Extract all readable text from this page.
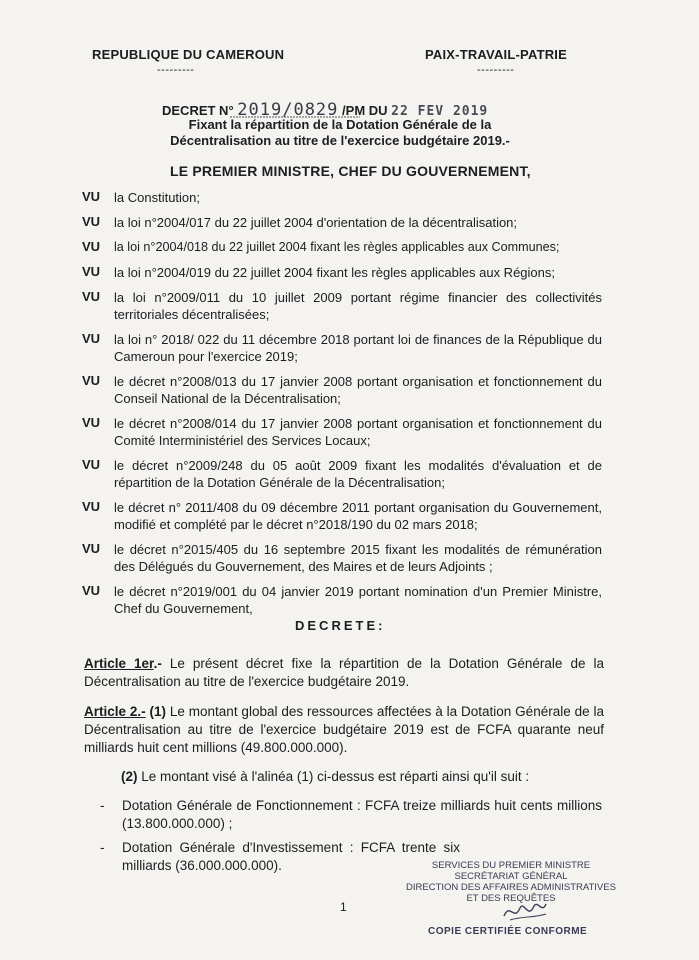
REPUBLIQUE DU CAMEROUN
---------
PAIX-TRAVAIL-PATRIE
---------
DECRET N° 2019/0829 /PM DU 22 FEV 2019
Fixant la répartition de la Dotation Générale de la
Décentralisation au titre de l'exercice budgétaire 2019.-
LE PREMIER MINISTRE, CHEF DU GOUVERNEMENT,
VU	la Constitution;
VU	la loi n°2004/017 du 22 juillet 2004 d'orientation de la décentralisation;
VU	la loi n°2004/018 du 22 juillet 2004 fixant les règles applicables aux Communes;
VU	la loi n°2004/019 du 22 juillet 2004 fixant les règles applicables aux Régions;
VU	la loi n°2009/011 du 10 juillet 2009 portant régime financier des collectivités territoriales décentralisées;
VU	la loi n° 2018/ 022 du 11 décembre 2018 portant loi de finances de la République du Cameroun pour l'exercice 2019;
VU	le décret n°2008/013 du 17 janvier 2008 portant organisation et fonctionnement du Conseil National de la Décentralisation;
VU	le décret n°2008/014 du 17 janvier 2008 portant organisation et fonctionnement du Comité Interministériel des Services Locaux;
VU	le décret n°2009/248 du 05 août 2009 fixant les modalités d'évaluation et de répartition de la Dotation Générale de la Décentralisation;
VU	le décret n° 2011/408 du 09 décembre 2011 portant organisation du Gouvernement, modifié et complété par le décret n°2018/190 du 02 mars 2018;
VU	le décret n°2015/405 du 16 septembre 2015 fixant les modalités de rémunération des Délégués du Gouvernement, des Maires et de leurs Adjoints ;
VU	le décret n°2019/001 du 04 janvier 2019 portant nomination d'un Premier Ministre, Chef du Gouvernement,
DECRETE:
Article 1er.- Le présent décret fixe la répartition de la Dotation Générale de la Décentralisation au titre de l'exercice budgétaire 2019.
Article 2.- (1) Le montant global des ressources affectées à la Dotation Générale de la Décentralisation au titre de l'exercice budgétaire 2019 est de FCFA quarante neuf milliards huit cent millions (49.800.000.000).
(2) Le montant visé à l'alinéa (1) ci-dessus est réparti ainsi qu'il suit :
-	Dotation Générale de Fonctionnement : FCFA treize milliards huit cents millions (13.800.000.000) ;
-	Dotation Générale d'Investissement : FCFA trente six milliards (36.000.000.000).
1
SERVICES DU PREMIER MINISTRE
SECRÉTARIAT GÉNÉRAL
DIRECTION DES AFFAIRES ADMINISTRATIVES
ET DES REQUÊTES
COPIE CERTIFIÉE CONFORME
